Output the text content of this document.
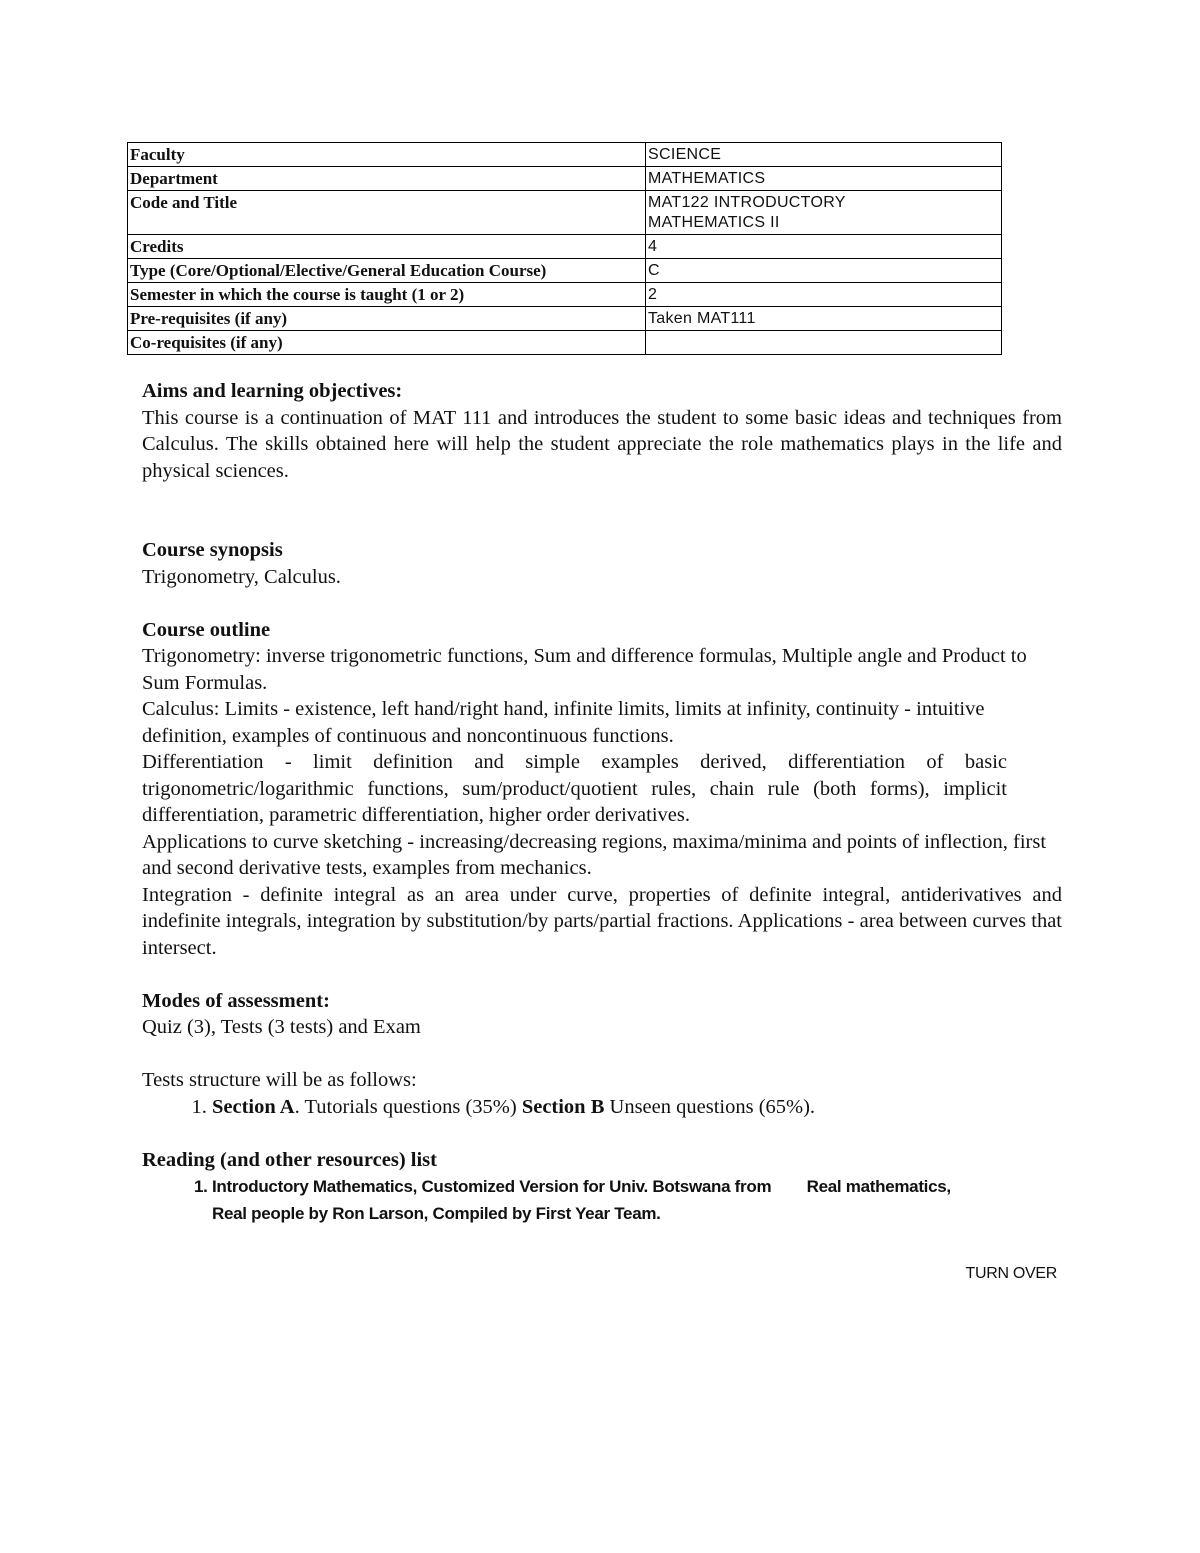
Faculty	SCIENCE
Department	MATHEMATICS
Code and Title	MAT122 INTRODUCTORY MATHEMATICS II
Credits	4
Type (Core/Optional/Elective/General Education Course)	C
Semester in which the course is taught (1 or 2)	2
Pre-requisites (if any)	Taken MAT111
Co-requisites (if any)	

Aims and learning objectives:

This course is a continuation of MAT 111 and introduces the student to some basic ideas and techniques from Calculus. The skills obtained here will help the student appreciate the role mathematics plays in the life and physical sciences.

Course synopsis

Trigonometry, Calculus.

Course outline

Trigonometry: inverse trigonometric functions, Sum and difference formulas, Multiple angle and Product to Sum Formulas.

Calculus: Limits - existence, left hand/right hand, infinite limits, limits at infinity, continuity - intuitive definition, examples of continuous and noncontinuous functions.

Differentiation - limit definition and simple examples derived, differentiation of basic trigonometric/logarithmic functions, sum/product/quotient rules, chain rule (both forms), implicit differentiation, parametric differentiation, higher order derivatives.

Applications to curve sketching - increasing/decreasing regions, maxima/minima and points of inflection, first and second derivative tests, examples from mechanics.

Integration - definite integral as an area under curve, properties of definite integral, antiderivatives and indefinite integrals, integration by substitution/by parts/partial fractions. Applications - area between curves that intersect.

Modes of assessment:

Quiz (3), Tests (3 tests) and Exam

Tests structure will be as follows:

1. Section A. Tutorials questions (35%) Section B Unseen questions (65%).

Reading (and other resources) list

1. Introductory Mathematics, Customized Version for Univ. Botswana from        Real mathematics, Real people by Ron Larson, Compiled by First Year Team.
TURN OVER
